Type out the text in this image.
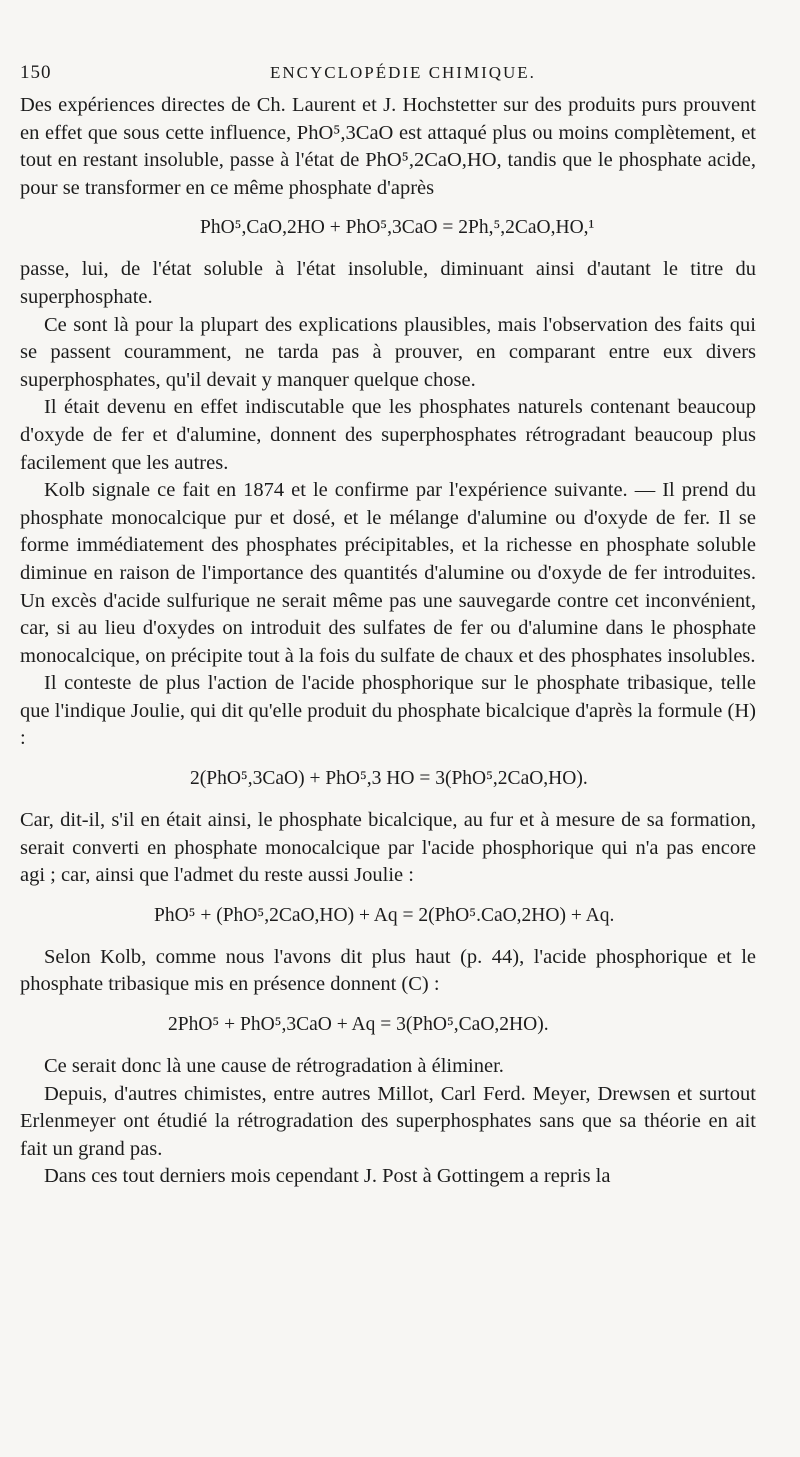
150	ENCYCLOPÉDIE CHIMIQUE.

Des expériences directes de Ch. Laurent et J. Hochstetter sur des produits purs prouvent en effet que sous cette influence, PhO⁵,3CaO est attaqué plus ou moins complètement, et tout en restant insoluble, passe à l'état de PhO⁵,2CaO,HO, tandis que le phosphate acide, pour se transformer en ce même phosphate d'après

PhO⁵,CaO,2HO + PhO⁵,3CaO = 2Ph,⁵,2CaO,HO,¹

passe, lui, de l'état soluble à l'état insoluble, diminuant ainsi d'autant le titre du superphosphate.

Ce sont là pour la plupart des explications plausibles, mais l'observation des faits qui se passent couramment, ne tarda pas à prouver, en comparant entre eux divers superphosphates, qu'il devait y manquer quelque chose.

Il était devenu en effet indiscutable que les phosphates naturels contenant beaucoup d'oxyde de fer et d'alumine, donnent des superphosphates rétrogradant beaucoup plus facilement que les autres.

Kolb signale ce fait en 1874 et le confirme par l'expérience suivante. — Il prend du phosphate monocalcique pur et dosé, et le mélange d'alumine ou d'oxyde de fer. Il se forme immédiatement des phosphates précipitables, et la richesse en phosphate soluble diminue en raison de l'importance des quantités d'alumine ou d'oxyde de fer introduites. Un excès d'acide sulfurique ne serait même pas une sauvegarde contre cet inconvénient, car, si au lieu d'oxydes on introduit des sulfates de fer ou d'alumine dans le phosphate monocalcique, on précipite tout à la fois du sulfate de chaux et des phosphates insolubles.

Il conteste de plus l'action de l'acide phosphorique sur le phosphate tribasique, telle que l'indique Joulie, qui dit qu'elle produit du phosphate bicalcique d'après la formule (H) :

2(PhO⁵,3CaO) + PhO⁵,3 HO = 3(PhO⁵,2CaO,HO).

Car, dit-il, s'il en était ainsi, le phosphate bicalcique, au fur et à mesure de sa formation, serait converti en phosphate monocalcique par l'acide phosphorique qui n'a pas encore agi ; car, ainsi que l'admet du reste aussi Joulie :

PhO⁵ + (PhO⁵,2CaO,HO) + Aq = 2(PhO⁵.CaO,2HO) + Aq.

Selon Kolb, comme nous l'avons dit plus haut (p. 44), l'acide phosphorique et le phosphate tribasique mis en présence donnent (C) :

2PhO⁵ + PhO⁵,3CaO + Aq = 3(PhO⁵,CaO,2HO).

Ce serait donc là une cause de rétrogradation à éliminer.

Depuis, d'autres chimistes, entre autres Millot, Carl Ferd. Meyer, Drewsen et surtout Erlenmeyer ont étudié la rétrogradation des superphosphates sans que sa théorie en ait fait un grand pas.

Dans ces tout derniers mois cependant J. Post à Gottingem a repris la
